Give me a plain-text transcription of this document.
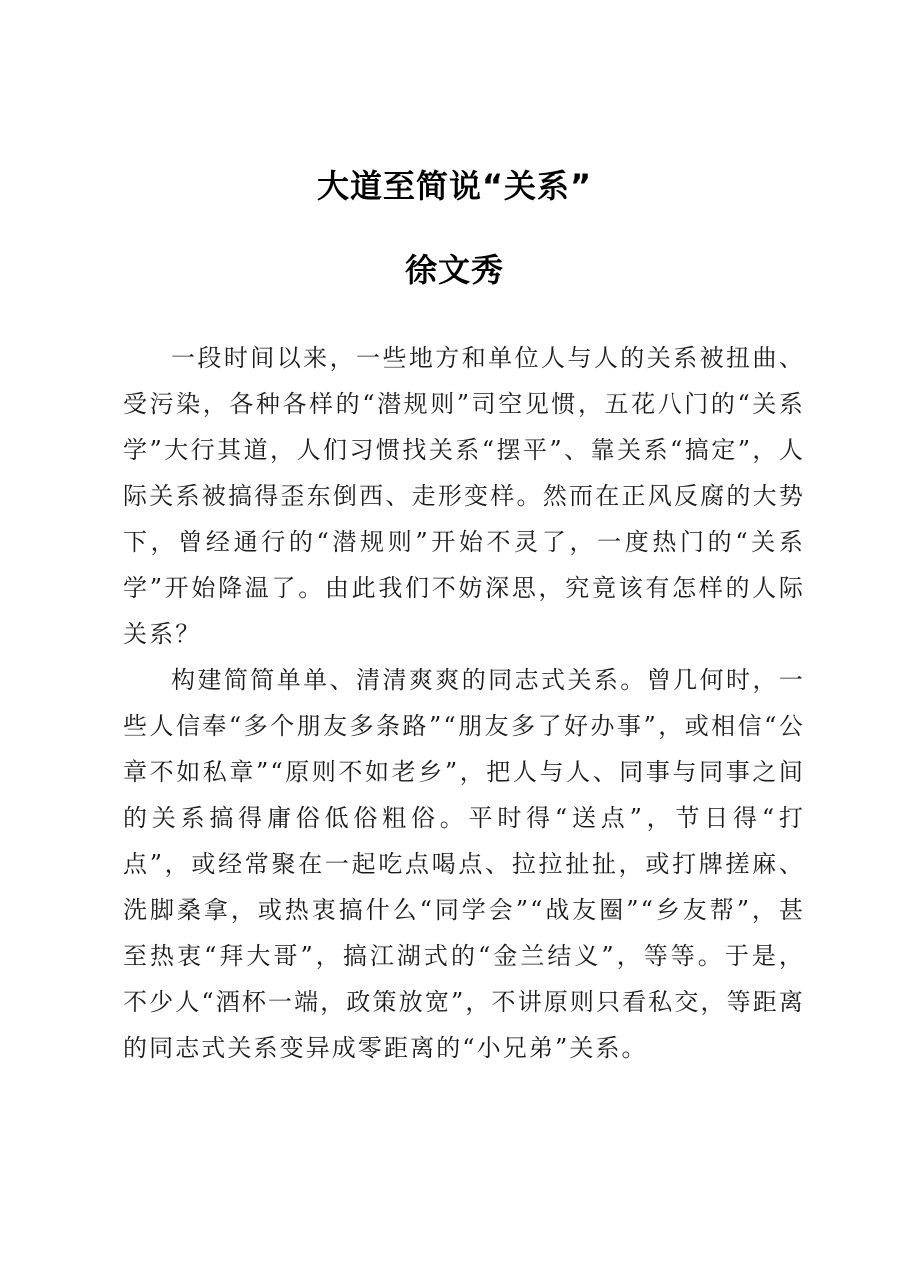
大道至简说“关系”
徐文秀

一段时间以来，一些地方和单位人与人的关系被扭曲、受污染，各种各样的“潜规则”司空见惯，五花八门的“关系学”大行其道，人们习惯找关系“摆平”、靠关系“搞定”，人际关系被搞得歪东倒西、走形变样。然而在正风反腐的大势下，曾经通行的“潜规则”开始不灵了，一度热门的“关系学”开始降温了。由此我们不妨深思，究竟该有怎样的人际关系？

构建简简单单、清清爽爽的同志式关系。曾几何时，一些人信奉“多个朋友多条路”“朋友多了好办事”，或相信“公章不如私章”“原则不如老乡”，把人与人、同事与同事之间的关系搞得庸俗低俗粗俗。平时得“送点”，节日得“打点”，或经常聚在一起吃点喝点、拉拉扯扯，或打牌搓麻、洗脚桑拿，或热衷搞什么“同学会”“战友圈”“乡友帮”，甚至热衷“拜大哥”，搞江湖式的“金兰结义”，等等。于是，不少人“酒杯一端，政策放宽”，不讲原则只看私交，等距离的同志式关系变异成零距离的“小兄弟”关系。
